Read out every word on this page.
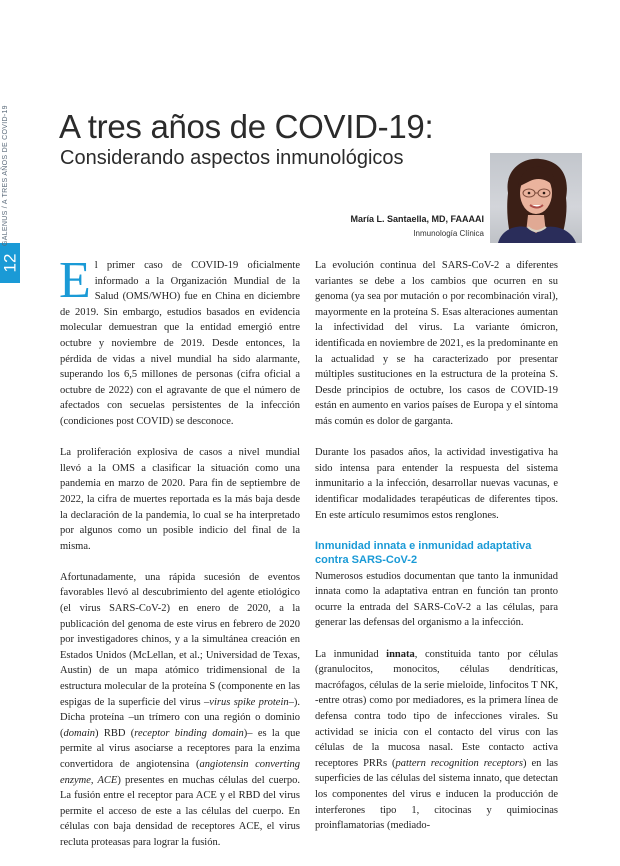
12
GALENUS / A TRES AÑOS DE COVID-19 A tres años de COVID-19:
Considerando aspectos inmunológicos
María L. Santaella, MD, FAAAAI
Inmunología Clínica

El primer caso de COVID-19 oficialmente informado a la Organización Mundial de la Salud (OMS/WHO) fue en China en diciembre de 2019. Sin embargo, estudios basados en evidencia molecular demuestran que la entidad emergió entre octubre y noviembre de 2019. Desde entonces, la pérdida de vidas a nivel mundial ha sido alarmante, superando los 6,5 millones de personas (cifra oficial a octubre de 2022) con el agravante de que el número de afectados con secuelas persistentes de la infección (condiciones post COVID) se desconoce.

La proliferación explosiva de casos a nivel mundial llevó a la OMS a clasificar la situación como una pandemia en marzo de 2020. Para fin de septiembre de 2022, la cifra de muertes reportada es la más baja desde la declaración de la pandemia, lo cual se ha interpretado por algunos como un posible indicio del final de la misma.

Afortunadamente, una rápida sucesión de eventos favorables llevó al descubrimiento del agente etiológico (el virus SARS-CoV-2) en enero de 2020, a la publicación del genoma de este virus en febrero de 2020 por investigadores chinos, y a la simultánea creación en Estados Unidos (McLellan, et al.; Universidad de Texas, Austin) de un mapa atómico tridimensional de la estructura molecular de la proteína S (componente en las espigas de la superficie del virus –virus spike protein–). Dicha proteína –un trímero con una región o dominio (domain) RBD (receptor binding domain)– es la que permite al virus asociarse a receptores para la enzima convertidora de angiotensina (angiotensin converting enzyme, ACE) presentes en muchas células del cuerpo. La fusión entre el receptor para ACE y el RBD del virus permite el acceso de este a las células del cuerpo. En células con baja densidad de receptores ACE, el virus recluta proteasas para lograr la fusión.

La evolución continua del SARS-CoV-2 a diferentes variantes se debe a los cambios que ocurren en su genoma (ya sea por mutación o por recombinación viral), mayormente en la proteína S. Esas alteraciones aumentan la infectividad del virus. La variante ómicron, identificada en noviembre de 2021, es la predominante en la actualidad y se ha caracterizado por presentar múltiples sustituciones en la estructura de la proteína S. Desde principios de octubre, los casos de COVID-19 están en aumento en varios países de Europa y el síntoma más común es dolor de garganta.

Durante los pasados años, la actividad investigativa ha sido intensa para entender la respuesta del sistema inmunitario a la infección, desarrollar nuevas vacunas, e identificar modalidades terapéuticas de diferentes tipos. En este artículo resumimos estos renglones.

Inmunidad innata e inmunidad adaptativa contra SARS-CoV-2

Numerosos estudios documentan que tanto la inmunidad innata como la adaptativa entran en función tan pronto ocurre la entrada del SARS-CoV-2 a las células, para generar las defensas del organismo a la infección.

La inmunidad innata, constituida tanto por células (granulocitos, monocitos, células dendríticas, macrófagos, células de la serie mieloide, linfocitos T NK, -entre otras) como por mediadores, es la primera línea de defensa contra todo tipo de infecciones virales. Su actividad se inicia con el contacto del virus con las células de la mucosa nasal. Este contacto activa receptores PRRs (pattern recognition receptors) en las superficies de las células del sistema innato, que detectan los componentes del virus e inducen la producción de interferones tipo 1, citocinas y quimiocinas proinflamatorias (mediado-
